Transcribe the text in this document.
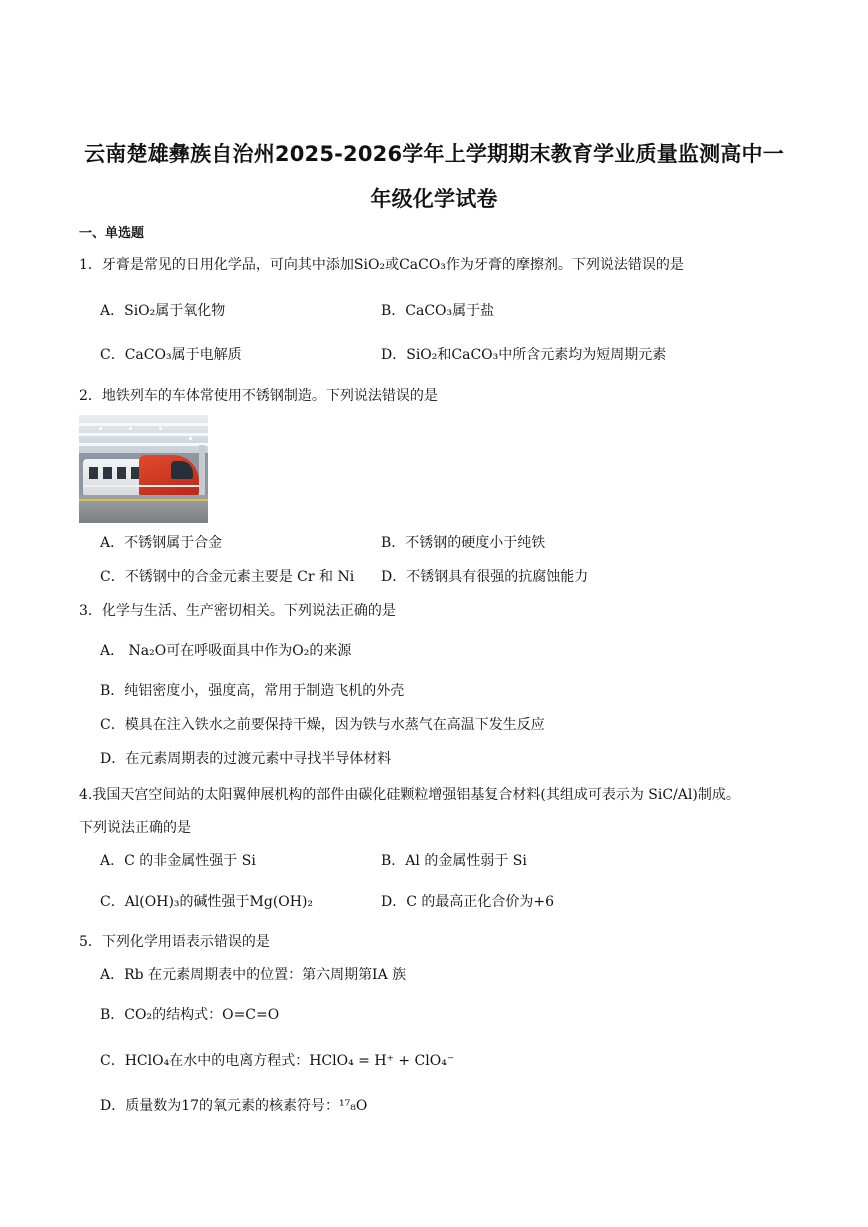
云南楚雄彝族自治州2025-2026学年上学期期末教育学业质量监测高中一
年级化学试卷
一、单选题
1．牙膏是常见的日用化学品，可向其中添加SiO₂或CaCO₃作为牙膏的摩擦剂。下列说法错误的是
A．SiO₂属于氧化物	B．CaCO₃属于盐
C．CaCO₃属于电解质	D．SiO₂和CaCO₃中所含元素均为短周期元素
2．地铁列车的车体常使用不锈钢制造。下列说法错误的是
A．不锈钢属于合金	B．不锈钢的硬度小于纯铁
C．不锈钢中的合金元素主要是 Cr 和 Ni D．不锈钢具有很强的抗腐蚀能力
3．化学与生活、生产密切相关。下列说法正确的是
A． Na₂O可在呼吸面具中作为O₂的来源
B．纯铝密度小，强度高，常用于制造飞机的外壳
C．模具在注入铁水之前要保持干燥，因为铁与水蒸气在高温下发生反应
D．在元素周期表的过渡元素中寻找半导体材料
4.我国天宫空间站的太阳翼伸展机构的部件由碳化硅颗粒增强铝基复合材料(其组成可表示为 SiC/Al)制成。
下列说法正确的是
A．C 的非金属性强于 Si	B．Al 的金属性弱于 Si
C．Al(OH)₃的碱性强于Mg(OH)₂	D．C 的最高正化合价为+6
5．下列化学用语表示错误的是
A．Rb 在元素周期表中的位置：第六周期第ⅠA 族
B．CO₂的结构式：O=C=O
C．HClO₄在水中的电离方程式：HClO₄ = H⁺ + ClO₄⁻
D．质量数为17的氧元素的核素符号：¹⁷₈O
